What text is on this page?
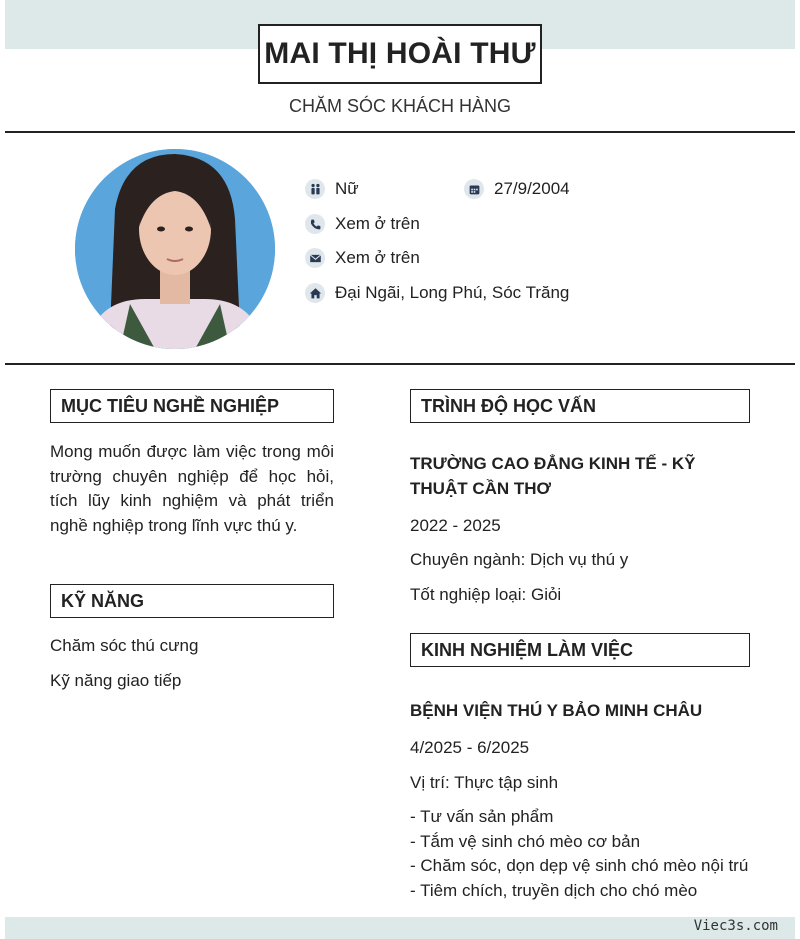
MAI THỊ HOÀI THƯ
CHĂM SÓC KHÁCH HÀNG
Nữ	27/9/2004
Xem ở trên
Xem ở trên
Đại Ngãi, Long Phú, Sóc Trăng
MỤC TIÊU NGHỀ NGHIỆP
Mong muốn được làm việc trong môi trường chuyên nghiệp để học hỏi, tích lũy kinh nghiệm và phát triển nghề nghiệp trong lĩnh vực thú y.
KỸ NĂNG
Chăm sóc thú cưng
Kỹ năng giao tiếp
TRÌNH ĐỘ HỌC VẤN
TRƯỜNG CAO ĐẲNG KINH TẾ - KỸ THUẬT CẦN THƠ
2022 - 2025
Chuyên ngành: Dịch vụ thú y
Tốt nghiệp loại: Giỏi
KINH NGHIỆM LÀM VIỆC
BỆNH VIỆN THÚ Y BẢO MINH CHÂU
4/2025 - 6/2025
Vị trí: Thực tập sinh
- Tư vấn sản phẩm
- Tắm vệ sinh chó mèo cơ bản
- Chăm sóc, dọn dẹp vệ sinh chó mèo nội trú
- Tiêm chích, truyền dịch cho chó mèo
Viec3s.com
